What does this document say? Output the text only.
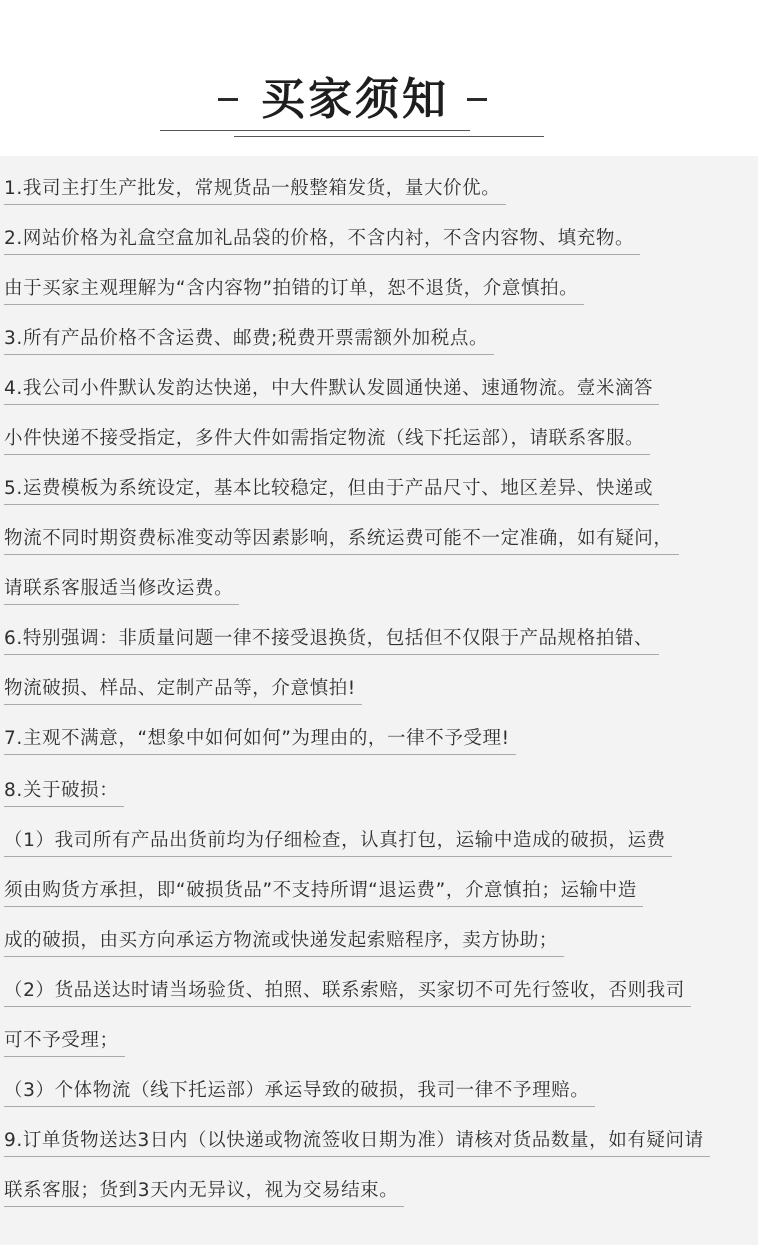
买家须知
1.我司主打生产批发，常规货品一般整箱发货，量大价优。
2.网站价格为礼盒空盒加礼品袋的价格，不含内衬，不含内容物、填充物。
由于买家主观理解为“含内容物”拍错的订单，恕不退货，介意慎拍。
3.所有产品价格不含运费、邮费;税费开票需额外加税点。
4.我公司小件默认发韵达快递，中大件默认发圆通快递、速通物流。壹米滴答
小件快递不接受指定，多件大件如需指定物流（线下托运部），请联系客服。
5.运费模板为系统设定，基本比较稳定，但由于产品尺寸、地区差异、快递或
物流不同时期资费标准变动等因素影响，系统运费可能不一定准确，如有疑问，
请联系客服适当修改运费。
6.特别强调：非质量问题一律不接受退换货，包括但不仅限于产品规格拍错、
物流破损、样品、定制产品等，介意慎拍!
7.主观不满意，“想象中如何如何”为理由的，一律不予受理!
8.关于破损：
（1）我司所有产品出货前均为仔细检查，认真打包，运输中造成的破损，运费
须由购货方承担，即“破损货品”不支持所谓“退运费”，介意慎拍；运输中造
成的破损，由买方向承运方物流或快递发起索赔程序，卖方协助；
（2）货品送达时请当场验货、拍照、联系索赔，买家切不可先行签收，否则我司
可不予受理；
（3）个体物流（线下托运部）承运导致的破损，我司一律不予理赔。
9.订单货物送达3日内（以快递或物流签收日期为准）请核对货品数量，如有疑问请
联系客服；货到3天内无异议，视为交易结束。
